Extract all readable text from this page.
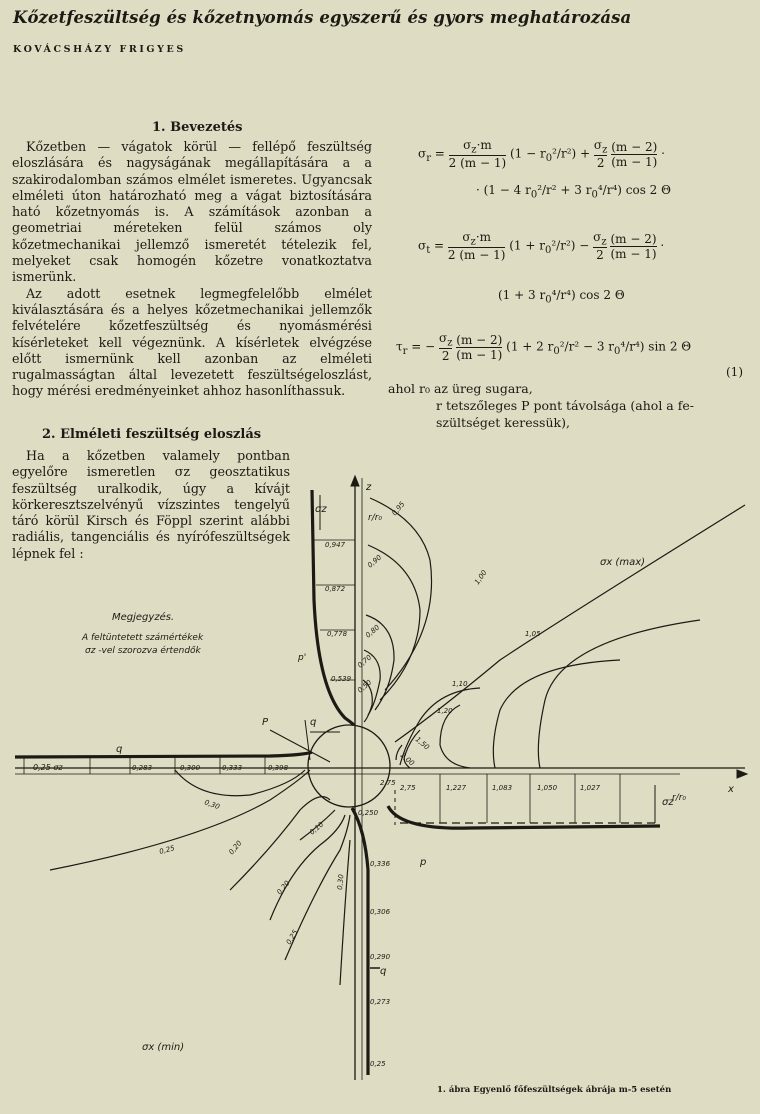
Kőzetfeszültség és kőzetnyomás egyszerű és gyors meghatározása
KOVÁCSHÁZY FRIGYES
1. Bevezetés

Kőzetben — vágatok körül — fellépő feszültség eloszlására és nagyságának megállapítására a a szakirodalomban számos elmélet ismeretes. Ugyancsak elméleti úton határozható meg a vágat biztosítására ható kőzetnyomás is. A számítások azonban a geometriai méreteken felül számos oly kőzetmechanikai jellemző ismeretét tételezik fel, melyeket csak homogén kőzetre vonatkoztatva ismerünk.

Az adott esetnek legmegfelelőbb elmélet kiválasztására és a helyes kőzetmechanikai jellemzők felvételére kőzetfeszültség és nyomásmérési kísérleteket kell végeznünk. A kísérletek elvégzése előtt ismernünk kell azonban az elméleti rugalmasságtan által levezetett feszültségeloszlást, hogy mérési eredményeinket ahhoz hasonlíthassuk.

2. Elméleti feszültség eloszlás

Ha a kőzetben valamely pontban egyelőre ismeretlen σz geosztatikus feszültség uralkodik, úgy a kívájt körkeresztszelvényű vízszintes tengelyű táró körül Kirsch és Föppl szerint alábbi radiális, tangenciális és nyírófeszültségek lépnek fel :

$\sigma_r$ =
$\sigma_z\cdot m$
2 (m − 1) $(1 - r_0^2/r^2)$ +
$\sigma_z$
2
(m − 2)
(m − 1) ·
· (1 − 4 $r_0^2/r^2 + 3$ $r_0^4/r^4$) cos 2 Θ
$\sigma_t$ =
$\sigma_z\cdot m$
2 (m − 1) $(1 + r_0^2/r^2)$ −
$\sigma_z$
2
(m − 2)
(m − 1) ·
(1 + 3 $r_0^4/r^4$) cos 2 Θ
$\tau_r$ = −
$\sigma_z$
2
(m − 2)
(m − 1) (1 + 2 $r_0^2/r^2 - 3$ $r_0^4/r^4$) sin 2 Θ
(1)
ahol r₀ az üreg sugara,
r tetszőleges P pont távolsága (ahol a fe-
szültséget keressük),
Megjegyzés.
A feltüntetett számértékek
σz -vel szorozva értendők
σx (max)
σx (min)
z
x
0,947
0,872
0,778
0,539
0,25 σz	0,283	0,300	0,333	0,398
2,75
2,75	1,227	1,083	1,050	1,027
0,250
0,336
0,306
0,290
0,273
0,25
0,95
0,90
0,80
0,70
0,50
1,00
1,05
1,10
1,20
1,50
2,00
0,30
0,10
0,20
0,25
0,20
0,25
0,30
σz
σz
r/r₀
r/r₀
P	q
q
p
q
p'
1. ábra Egyenlő főfeszültségek ábrája m-5 esetén
